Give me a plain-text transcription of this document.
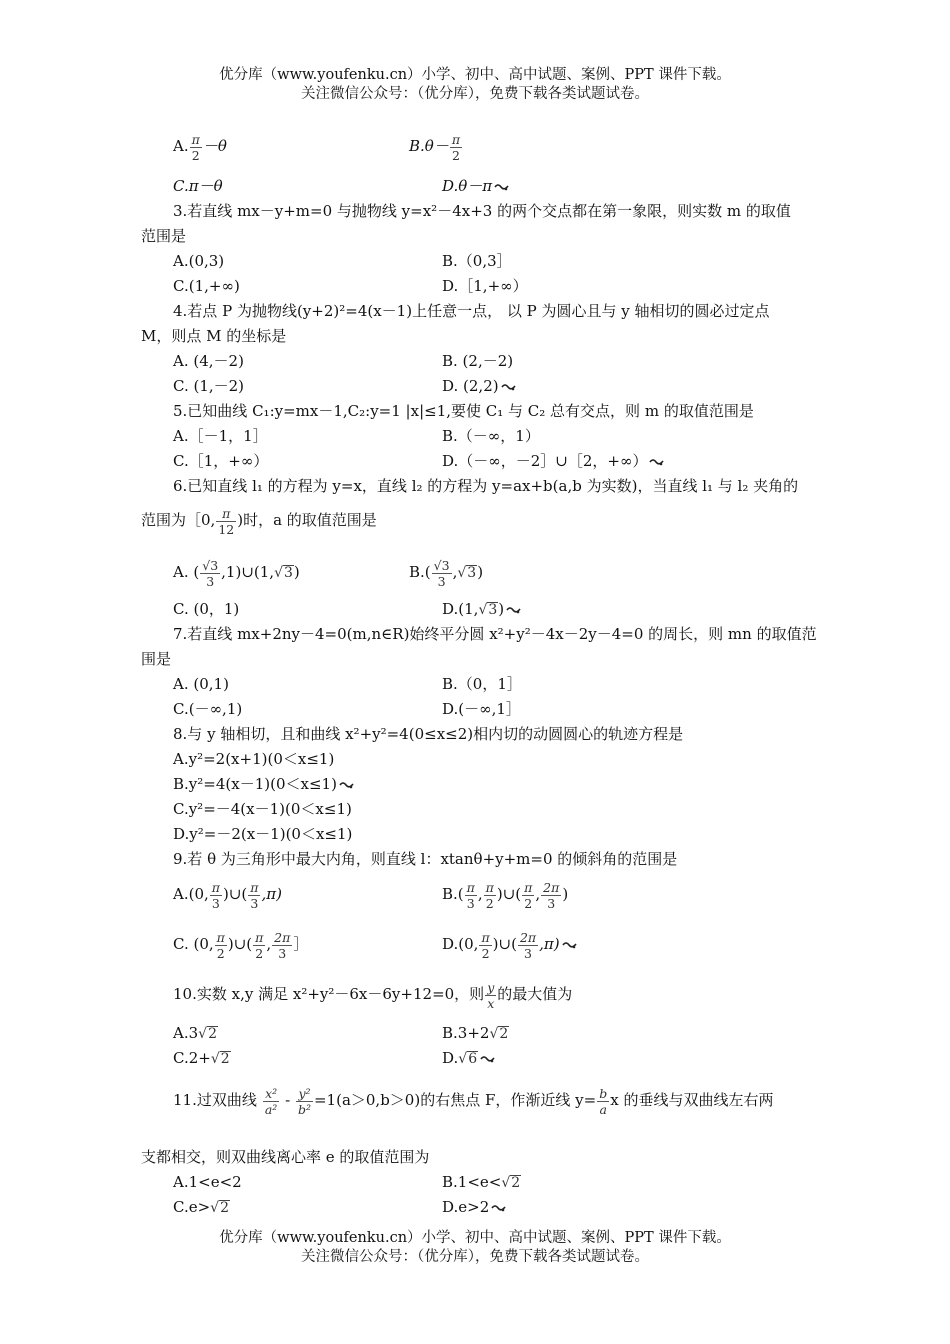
优分库（www.youfenku.cn）小学、初中、高中试题、案例、PPT 课件下载。
关注微信公众号：（优分库），免费下载各类试题试卷。
A. $\frac{\pi}{2} -\theta$	$B.\theta- \frac{\pi}{2}$
C.π－θ	D.θ－π
3.若直线 mx－y+m=0 与抛物线 y=x²－4x+3 的两个交点都在第一象限，则实数 m 的取值
范围是
A.(0,3)	B.（0,3］
C.(1,+∞)	D.［1,+∞）
4.若点 P 为抛物线(y+2)²=4(x－1)上任意一点， 以 P 为圆心且与 y 轴相切的圆必过定点
M，则点 M 的坐标是
A. (4,－2)	B. (2,－2)
C. (1,－2)	D. (2,2)
5.已知曲线 C₁:y=mx－1,C₂:y=1 |x|≤1,要使 C₁ 与 C₂ 总有交点，则 m 的取值范围是
A.［－1，1］	B.（－∞，1）
C.［1，+∞）	D.（－∞，－2］∪［2，+∞）
6.已知直线 l₁ 的方程为 y=x，直线 l₂ 的方程为 y=ax+b(a,b 为实数)，当直线 l₁ 与 l₂ 夹角的
范围为［0, $\frac{\pi}{12}$ )时，a 的取值范围是
A. ( $\frac{√3}{3}$ ,1)∪(1,√3)	$B.( \frac{√3}{3} ,√3)$
C. (0，1)	D.(1,√3)
7.若直线 mx+2ny－4=0(m,n∈R)始终平分圆 x²+y²－4x－2y－4=0 的周长，则 mn 的取值范
围是
A. (0,1)	B.（0，1］
C.(－∞,1)	D.(－∞,1］
8.与 y 轴相切，且和曲线 x²+y²=4(0≤x≤2)相内切的动圆圆心的轨迹方程是
A.y²=2(x+1)(0＜x≤1)
B.y²=4(x－1)(0＜x≤1)
C.y²=－4(x－1)(0＜x≤1)
D.y²=－2(x－1)(0＜x≤1)
9.若 θ 为三角形中最大内角，则直线 l：xtanθ+y+m=0 的倾斜角的范围是
A.(0, $\frac{\pi}{3}$ )∪( $\frac{\pi}{3} ,\pi$)	$B.( \frac{\pi}{3}$ , $\frac{\pi}{2}$ )∪( $\frac{\pi}{2}$ , $\frac{2\pi}{3}$ )
C. (0, $\frac{\pi}{2}$ )∪( $\frac{\pi}{2}$ , $\frac{2\pi}{3}$ ］	D.(0, $\frac{\pi}{2}$ )∪( $\frac{2\pi}{3} ,\pi$)
10.实数 x,y 满足 x²+y²－6x－6y+12=0，则 $\frac{y}{x}$ 的最大值为
A.3√2	B.3+2√2
C.2+√2	D.√6
11.过双曲线 $\frac{\text{x²}}{\text{a²}} - \frac{\text{y²}}{\text{b²}} =1(a>0,b>0)$的右焦点 F，作渐近线 $y= \frac{b}{a}$ x 的垂线与双曲线左右两
支都相交，则双曲线离心率 e 的取值范围为
A.1<e<2	B.1<e<√2
C.e>√2	D.e>2
优分库（www.youfenku.cn）小学、初中、高中试题、案例、PPT 课件下载。
关注微信公众号：（优分库），免费下载各类试题试卷。
